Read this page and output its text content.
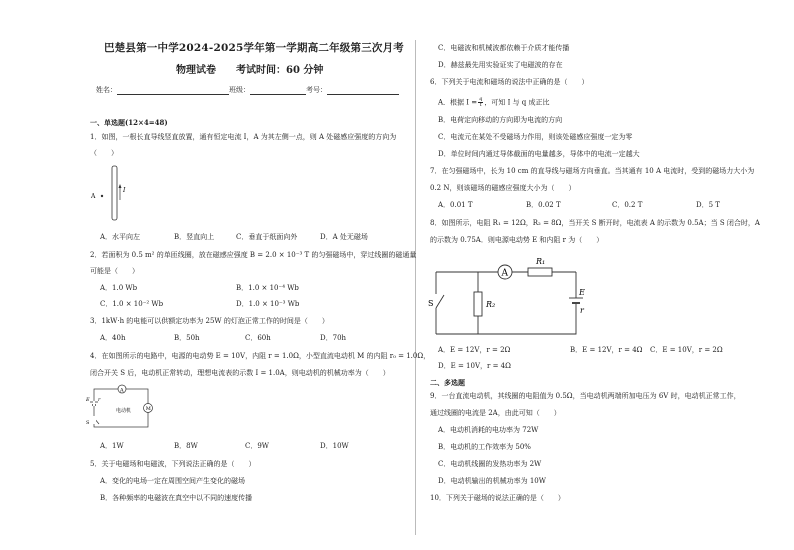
巴楚县第一中学2024-2025学年第一学期高二年级第三次月考
物理试卷　　考试时间：60 分钟
姓名：	班级：	考号：
一、单选题(12×4=48)
1．如图，一根长直导线竖直放置，通有恒定电流 I，A 为其左侧一点，则 A 处磁感应强度的方向为
（　　）
A
I
A．水平向左	B．竖直向上	C．垂直于纸面向外	D．A 处无磁场
2．若面积为 0.5 m² 的单匝线圈，放在磁感应强度 B = 2.0 × 10⁻³ T 的匀强磁场中，穿过线圈的磁通量
可能是（　　）
A．1.0 Wb	B．1.0 × 10⁻⁴ Wb
C．1.0 × 10⁻² Wb	D．1.0 × 10⁻³ Wb
3．1kW·h 的电能可以供额定功率为 25W 的灯泡正常工作的时间是（　　）
A．40h	B．50h	C．60h	D．70h
4．在如图所示的电路中，电源的电动势 E = 10V，内阻 r = 1.0Ω，小型直流电动机 M 的内阻 r₀ = 1.0Ω，
闭合开关 S 后，电动机正常转动，理想电流表的示数 I = 1.0A，则电动机的机械功率为（　　）
A
M
电动机
E r
S
A．1W	B．8W	C．9W	D．10W
5．关于电磁场和电磁波，下列说法正确的是（　　）
A．变化的电场一定在周围空间产生变化的磁场
B．各种频率的电磁波在真空中以不同的速度传播
C．电磁波和机械波都依赖于介质才能传播
D．赫兹最先用实验证实了电磁波的存在
6．下列关于电流和磁场的说法中正确的是（　　）
A．根据 $I = \frac{q}{t}$ ，可知 I 与 q 成正比
B．电荷定向移动的方向即为电流的方向
C．电流元在某处不受磁场力作用，则该处磁感应强度一定为零
D．单位时间内通过导体截面的电量越多，导体中的电流一定越大
7．在匀强磁场中，长为 10 cm 的直导线与磁场方向垂直。当其通有 10 A 电流时，受到的磁场力大小为
0.2 N，则该磁场的磁感应强度大小为（　　）
A．0.01 T	B．0.02 T	C．0.2 T	D．5 T
8．如图所示，电阻 R₁ = 12Ω，R₂ = 8Ω，当开关 S 断开时，电流表 A 的示数为 0.5A；当 S 闭合时，A
的示数为 0.75A．则电源电动势 E 和内阻 r 为（　　）
A
R₁
R₂
S
E
r
A．E = 12V，r = 2Ω	B．E = 12V，r = 4Ω C．E = 10V，r = 2Ω
D．E = 10V，r = 4Ω
二、多选题
9．一台直流电动机，其线圈的电阻值为 0.5Ω，当电动机两端所加电压为 6V 时，电动机正常工作，
通过线圈的电流是 2A，由此可知（　　）
A．电动机消耗的电功率为 72W
B．电动机的工作效率为 50%
C．电动机线圈的发热功率为 2W
D．电动机输出的机械功率为 10W
10．下列关于磁场的说法正确的是（　　）
